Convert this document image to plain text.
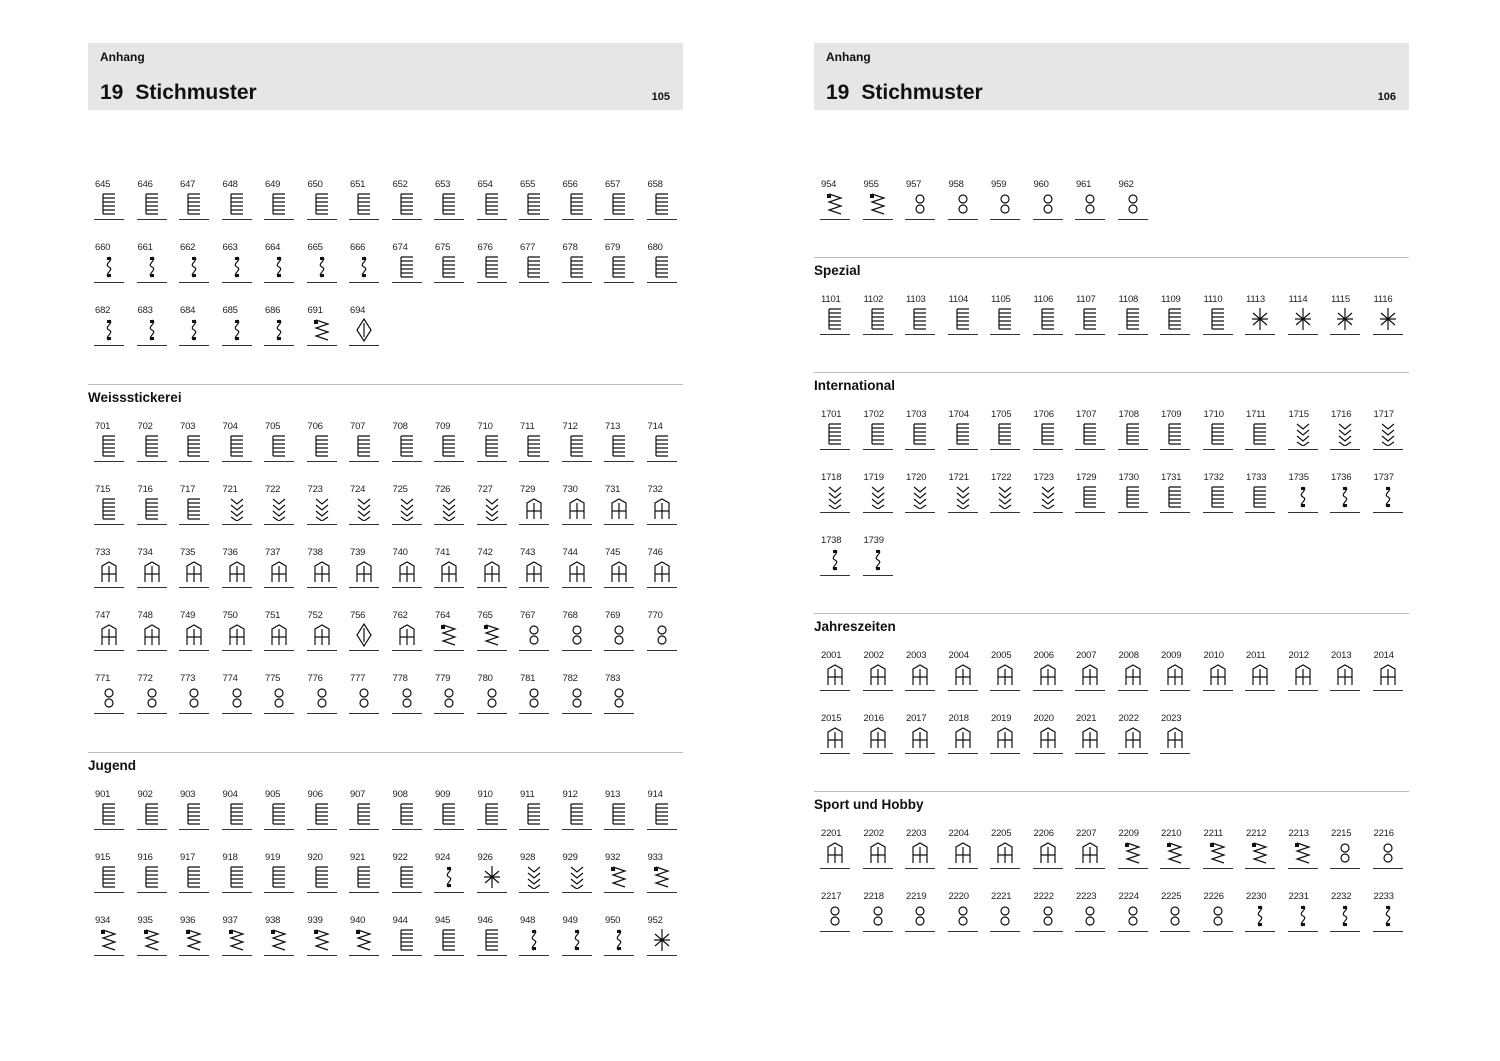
Anhang
19 Stichmuster	105
645	646	647	648	649	650	651	652	653	654	655	656	657	658
660	661	662	663	664	665	666	674	675	676	677	678	679	680
682	683	684	685	686	691	694
Weissstickerei
701	702	703	704	705	706	707	708	709	710	711	712	713	714
715	716	717	721	722	723	724	725	726	727	729	730	731	732
733	734	735	736	737	738	739	740	741	742	743	744	745	746
747	748	749	750	751	752	756	762	764	765	767	768	769	770
771	772	773	774	775	776	777	778	779	780	781	782	783
Jugend
901	902	903	904	905	906	907	908	909	910	911	912	913	914
915	916	917	918	919	920	921	922	924	926	928	929	932	933
934	935	936	937	938	939	940	944	945	946	948	949	950	952
Anhang
19 Stichmuster	106
954	955	957	958	959	960	961	962
Spezial
1101 1102 1103 1104 1105 1106 1107 1108 1109 1110 1113 1114 1115 1116
International
1701 1702 1703 1704 1705 1706 1707 1708 1709 1710 1711 1715 1716 1717
1718 1719 1720 1721 1722 1723 1729 1730 1731 1732 1733 1735 1736 1737
1738 1739
Jahreszeiten
2001 2002 2003 2004 2005 2006 2007 2008 2009 2010 2011 2012 2013 2014
2015 2016 2017 2018 2019 2020 2021 2022 2023
Sport und Hobby
2201 2202 2203 2204 2205 2206 2207 2209 2210 2211 2212 2213 2215 2216
2217 2218 2219 2220 2221 2222 2223 2224 2225 2226 2230 2231 2232 2233
